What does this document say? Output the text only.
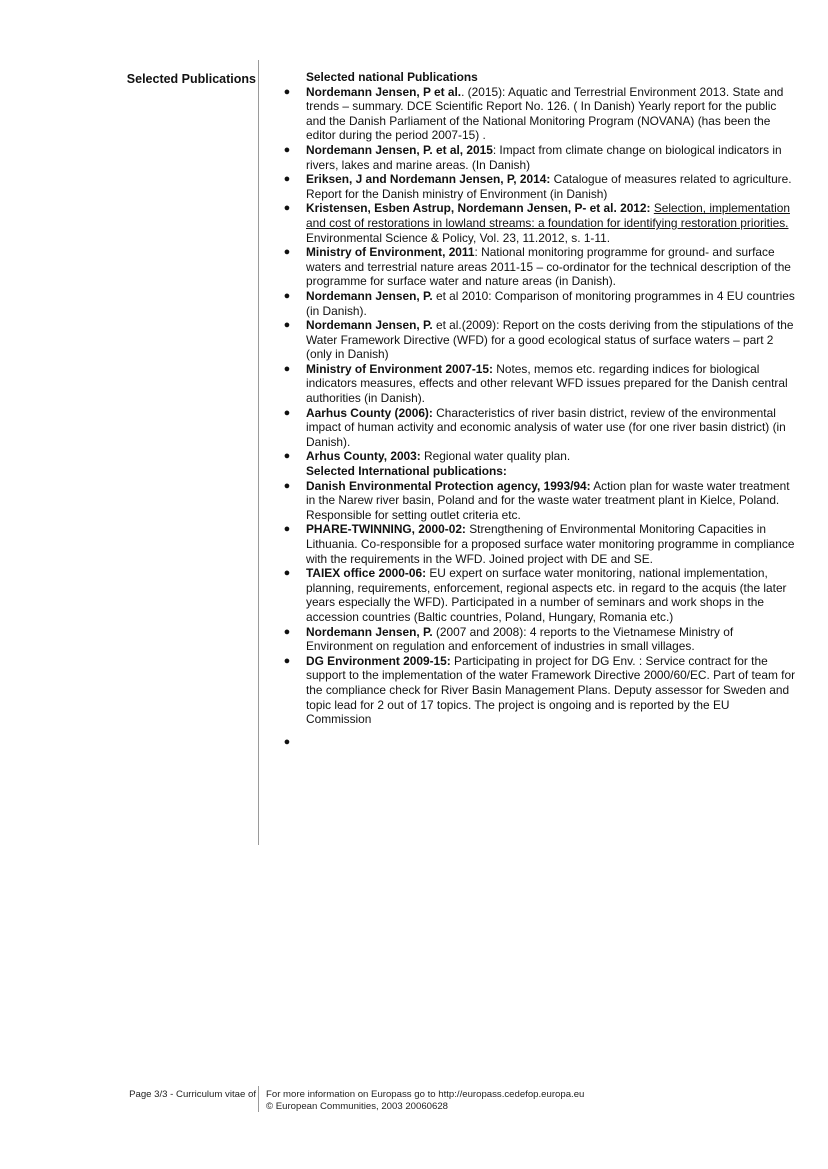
Selected Publications	Selected national Publications
● Nordemann Jensen, P et al.. (2015): Aquatic and Terrestrial Environment 2013. State and trends – summary. DCE Scientific Report No. 126. ( In Danish) Yearly report for the public and the Danish Parliament of the National Monitoring Program (NOVANA) (has been the editor during the period 2007-15) .
● Nordemann Jensen, P. et al, 2015: Impact from climate change on biological indicators in rivers, lakes and marine areas. (In Danish)
● Eriksen, J and Nordemann Jensen, P, 2014: Catalogue of measures related to agriculture. Report for the Danish ministry of Environment (in Danish)
● Kristensen, Esben Astrup, Nordemann Jensen, P- et al. 2012: Selection, implementation and cost of restorations in lowland streams: a foundation for identifying restoration priorities. Environmental Science & Policy, Vol. 23, 11.2012, s. 1-11.
● Ministry of Environment, 2011: National monitoring programme for ground- and surface waters and terrestrial nature areas 2011-15 – co-ordinator for the technical description of the programme for surface water and nature areas (in Danish).
● Nordemann Jensen, P. et al 2010: Comparison of monitoring programmes in 4 EU countries (in Danish).
● Nordemann Jensen, P. et al.(2009): Report on the costs deriving from the stipulations of the Water Framework Directive (WFD) for a good ecological status of surface waters – part 2 (only in Danish)
● Ministry of Environment 2007-15: Notes, memos etc. regarding indices for biological indicators measures, effects and other relevant WFD issues prepared for the Danish central authorities (in Danish).
● Aarhus County (2006): Characteristics of river basin district, review of the environmental impact of human activity and economic analysis of water use (for one river basin district) (in Danish).
● Arhus County, 2003: Regional water quality plan.
Selected International publications:
● Danish Environmental Protection agency, 1993/94: Action plan for waste water treatment in the Narew river basin, Poland and for the waste water treatment plant in Kielce, Poland. Responsible for setting outlet criteria etc.
● PHARE-TWINNING, 2000-02: Strengthening of Environmental Monitoring Capacities in Lithuania. Co-responsible for a proposed surface water monitoring programme in compliance with the requirements in the WFD. Joined project with DE and SE.
● TAIEX office 2000-06: EU expert on surface water monitoring, national implementation, planning, requirements, enforcement, regional aspects etc. in regard to the acquis (the later years especially the WFD). Participated in a number of seminars and work shops in the accession countries (Baltic countries, Poland, Hungary, Romania etc.)
● Nordemann Jensen, P. (2007 and 2008): 4 reports to the Vietnamese Ministry of Environment on regulation and enforcement of industries in small villages.
● DG Environment 2009-15: Participating in project for DG Env. : Service contract for the support to the implementation of the water Framework Directive 2000/60/EC. Part of team for the compliance check for River Basin Management Plans. Deputy assessor for Sweden and topic lead for 2 out of 17 topics. The project is ongoing and is reported by the EU Commission
●
Page 3/3 - Curriculum vitae of For more information on Europass go to http://europass.cedefop.europa.eu
© European Communities, 2003 20060628
